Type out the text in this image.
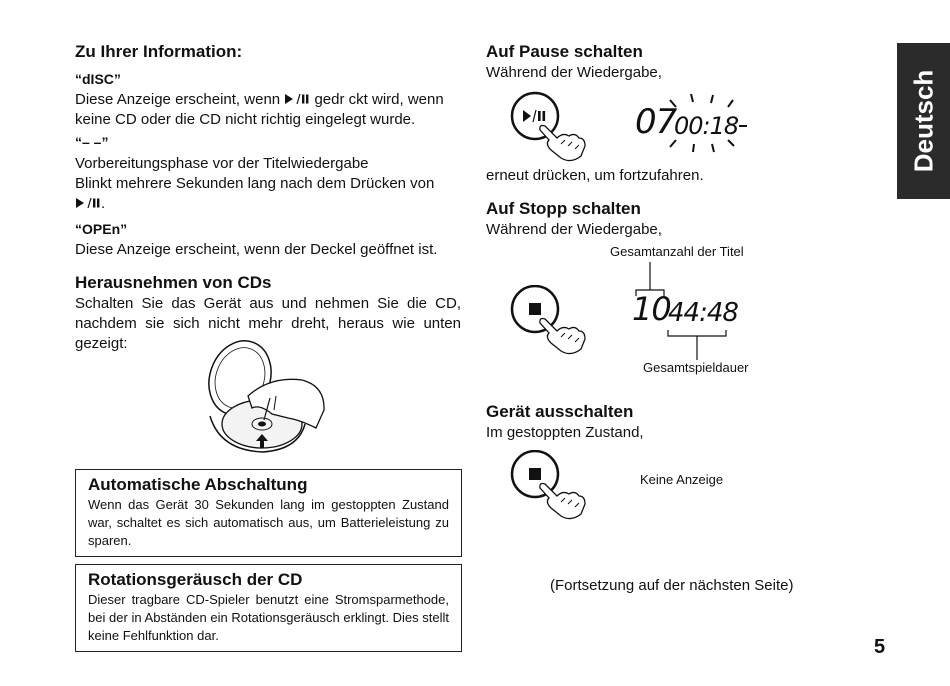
Zu Ihrer Information:
“dISC”
Diese Anzeige erscheint, wenn gedr ckt wird, wenn
keine CD oder die CD nicht richtig eingelegt wurde.
“– –”
Vorbereitungsphase vor der Titelwiedergabe
Blinkt mehrere Sekunden lang nach dem Drücken von
.
“OPEn”
Diese Anzeige erscheint, wenn der Deckel geöffnet ist.
Herausnehmen von CDs
Schalten Sie das Gerät aus und nehmen Sie die CD, nachdem sie sich nicht mehr dreht, heraus wie unten gezeigt:
Automatische Abschaltung
Wenn das Gerät 30 Sekunden lang im gestoppten Zustand war, schaltet es sich automatisch aus, um Batterieleistung zu sparen.
Rotationsgeräusch der CD
Dieser tragbare CD-Spieler benutzt eine Stromsparmethode, bei der in Abständen ein Rotationsgeräusch erklingt. Dies stellt keine Fehlfunktion dar.
Auf Pause schalten
Während der Wiedergabe,
07
00:18
erneut drücken, um fortzufahren.
Auf Stopp schalten
Während der Wiedergabe,
Gesamtanzahl der Titel
10
44:48
Gesamtspieldauer
Gerät ausschalten
Im gestoppten Zustand,
Keine Anzeige
(Fortsetzung auf der nächsten Seite)
Deutsch
5
